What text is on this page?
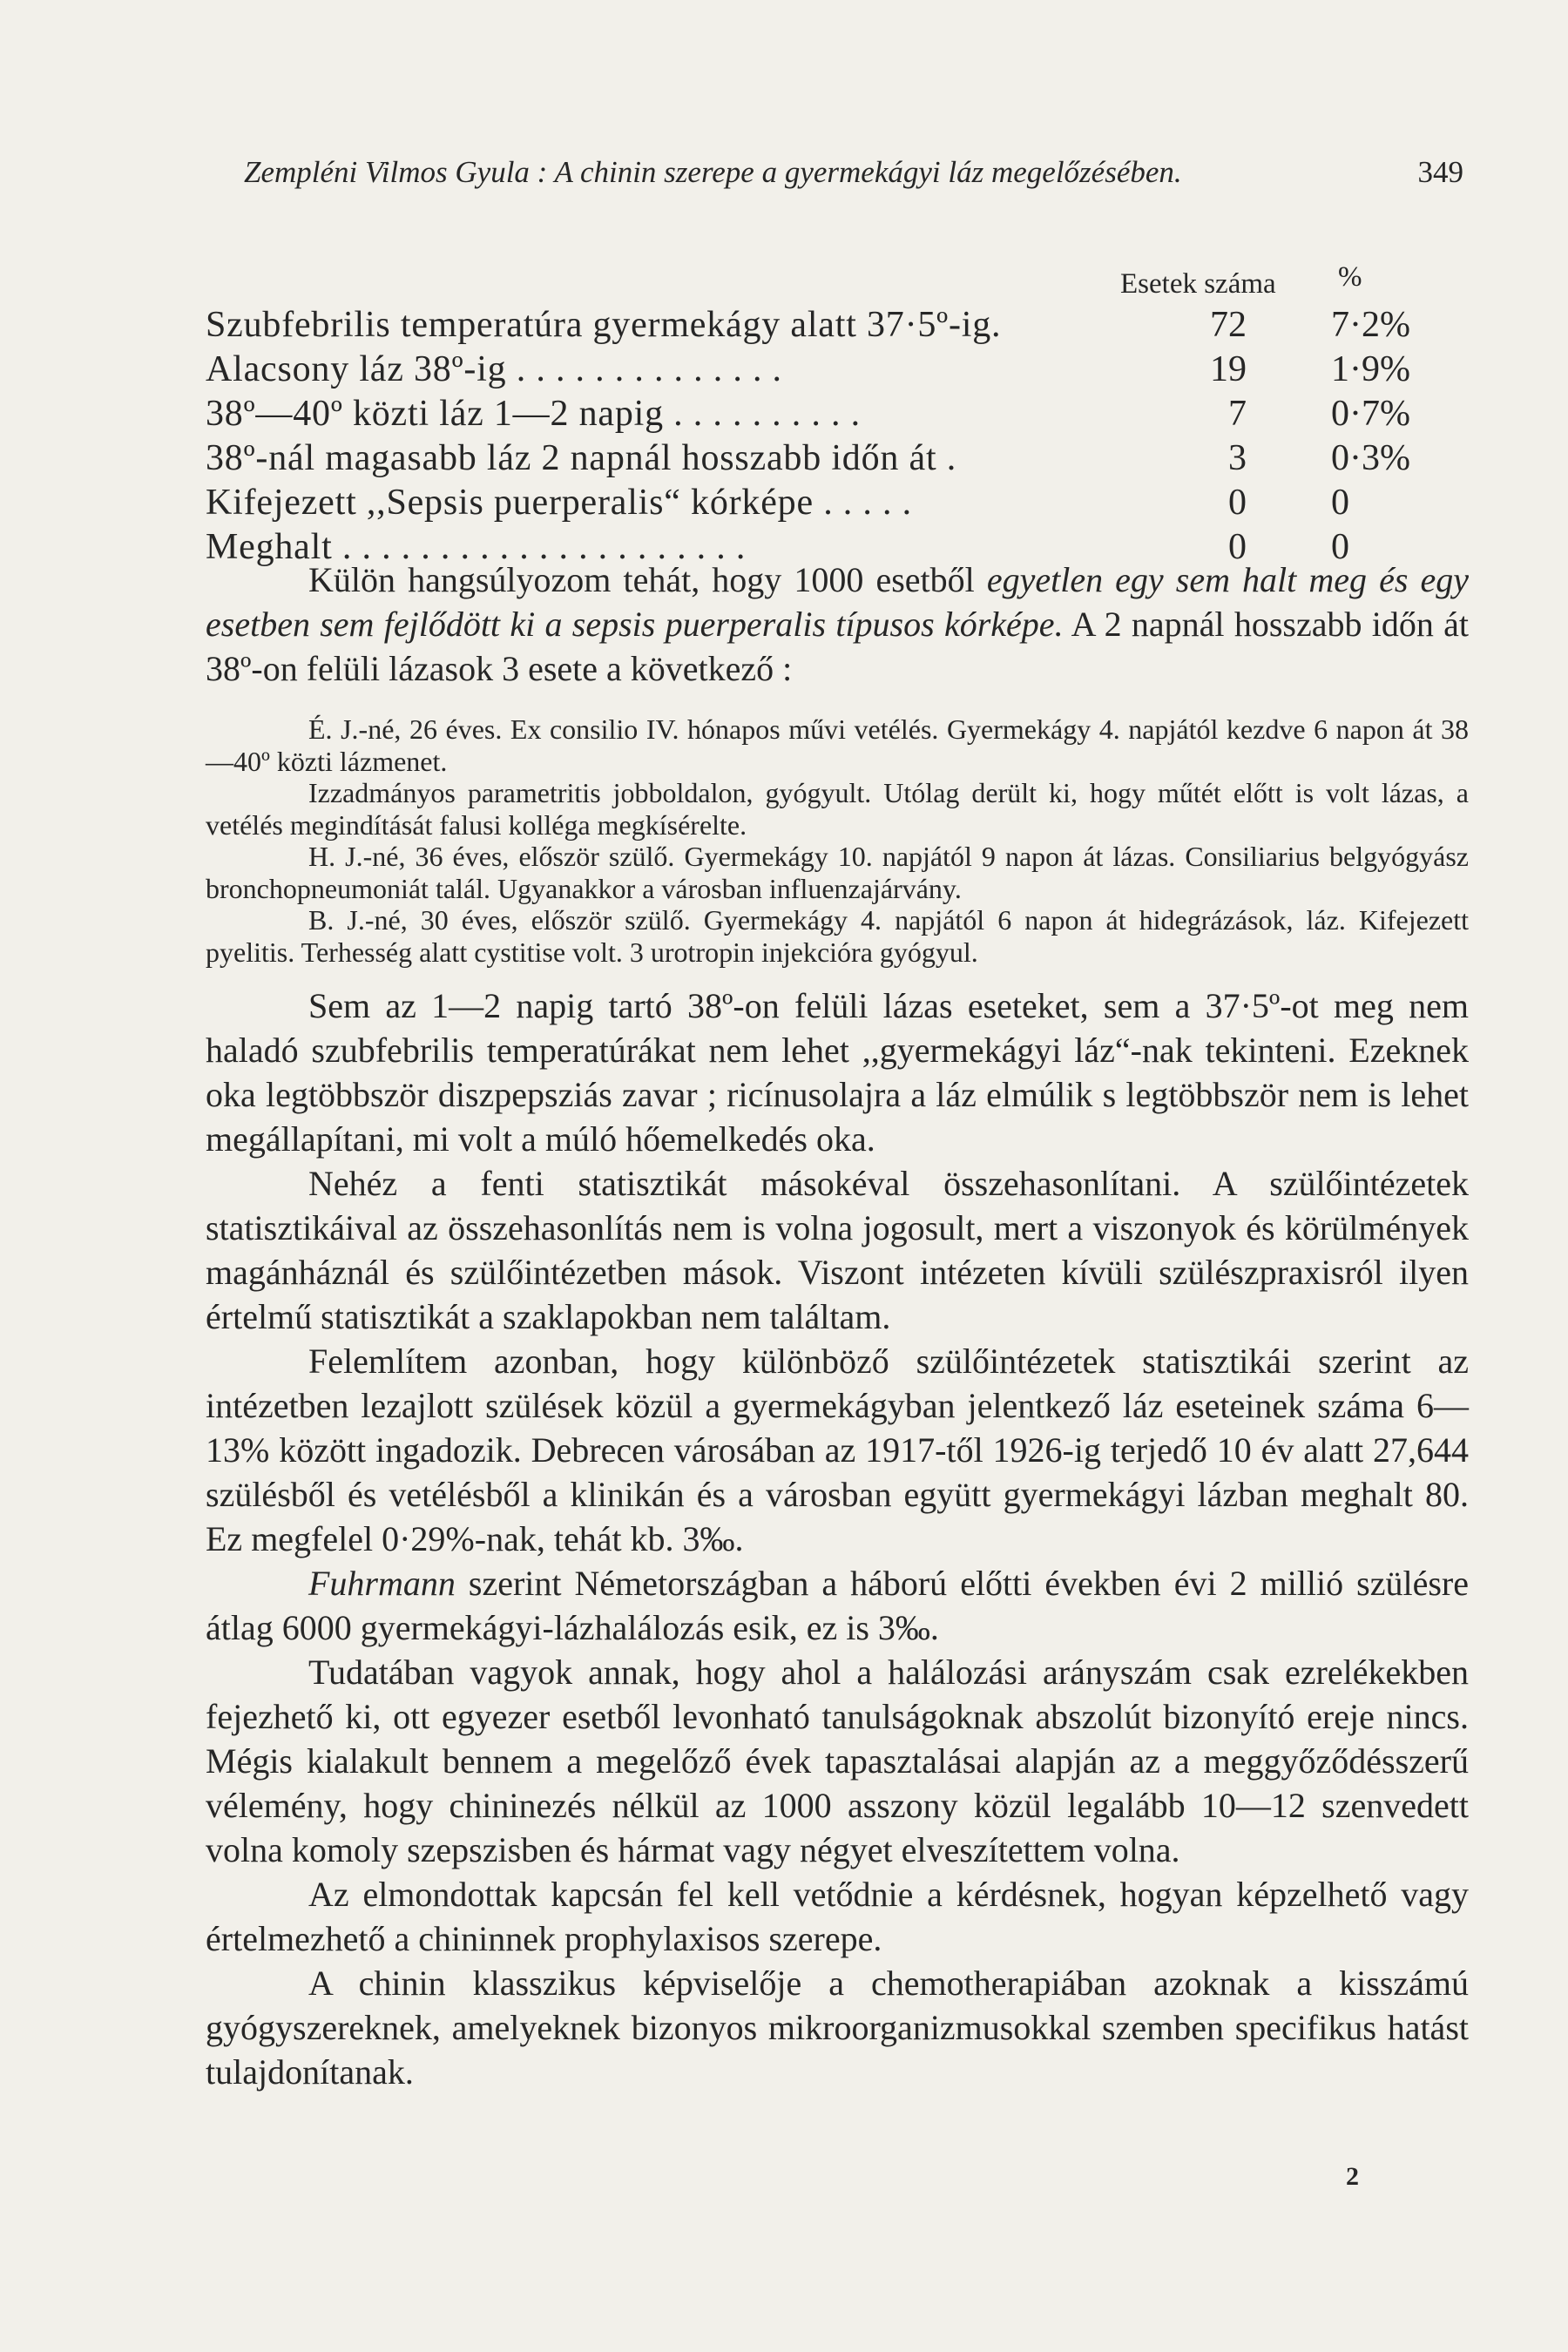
Zempléni Vilmos Gyula : A chinin szerepe a gyermekágyi láz megelőzésében.	349
Esetek száma %
Szubfebrilis temperatúra gyermekágy alatt 37·5º-ig.	72 7·2%
Alacsony láz 38º-ig . . . . . . . . . . . . . .	19 1·9%
38º—40º közti láz 1—2 napig . . . . . . . . . .	7 0·7%
38º-nál magasabb láz 2 napnál hosszabb időn át .	3 0·3%
Kifejezett ,,Sepsis puerperalis“ kórképe . . . . .	0 0
Meghalt . . . . . . . . . . . . . . . . . . . . .	0 0

Külön hangsúlyozom tehát, hogy 1000 esetből egyetlen egy sem halt meg és egy esetben sem fejlődött ki a sepsis puerperalis típusos kórképe. A 2 napnál hosszabb időn át 38º-on felüli lázasok 3 esete a következő :

É. J.-né, 26 éves. Ex consilio IV. hónapos művi vetélés. Gyermekágy 4. napjától kezdve 6 napon át 38—40º közti lázmenet.

Izzadmányos parametritis jobboldalon, gyógyult. Utólag derült ki, hogy műtét előtt is volt lázas, a vetélés megindítását falusi kolléga megkísérelte.

H. J.-né, 36 éves, először szülő. Gyermekágy 10. napjától 9 napon át lázas. Consiliarius belgyógyász bronchopneumoniát talál. Ugyanakkor a városban influenzajárvány.

B. J.-né, 30 éves, először szülő. Gyermekágy 4. napjától 6 napon át hidegrázások, láz. Kifejezett pyelitis. Terhesség alatt cystitise volt. 3 urotropin injekcióra gyógyul.

Sem az 1—2 napig tartó 38º-on felüli lázas eseteket, sem a 37·5º-ot meg nem haladó szubfebrilis temperatúrákat nem lehet ,,gyermekágyi láz“-nak tekinteni. Ezeknek oka legtöbbször diszpepsziás zavar ; ricínusolajra a láz elmúlik s legtöbbször nem is lehet megállapítani, mi volt a múló hőemelkedés oka.

Nehéz a fenti statisztikát másokéval összehasonlítani. A szülőintézetek statisztikáival az összehasonlítás nem is volna jogosult, mert a viszonyok és körülmények magánháznál és szülőintézetben mások. Viszont intézeten kívüli szülészpraxisról ilyen értelmű statisztikát a szaklapokban nem találtam.

Felemlítem azonban, hogy különböző szülőintézetek statisztikái szerint az intézetben lezajlott szülések közül a gyermekágyban jelentkező láz eseteinek száma 6—13% között ingadozik. Debrecen városában az 1917-től 1926-ig terjedő 10 év alatt 27,644 szülésből és vetélésből a klinikán és a városban együtt gyermekágyi lázban meghalt 80. Ez megfelel 0·29%-nak, tehát kb. 3‰.

Fuhrmann szerint Németországban a háború előtti években évi 2 millió szülésre átlag 6000 gyermekágyi-lázhalálozás esik, ez is 3‰.

Tudatában vagyok annak, hogy ahol a halálozási arányszám csak ezrelékekben fejezhető ki, ott egyezer esetből levonható tanulságoknak abszolút bizonyító ereje nincs. Mégis kialakult bennem a megelőző évek tapasztalásai alapján az a meggyőződésszerű vélemény, hogy chininezés nélkül az 1000 asszony közül legalább 10—12 szenvedett volna komoly szepszisben és hármat vagy négyet elveszítettem volna.

Az elmondottak kapcsán fel kell vetődnie a kérdésnek, hogyan képzelhető vagy értelmezhető a chininnek prophylaxisos szerepe.

A chinin klasszikus képviselője a chemotherapiában azoknak a kisszámú gyógyszereknek, amelyeknek bizonyos mikroorganizmusokkal szemben specifikus hatást tulajdonítanak.

2
